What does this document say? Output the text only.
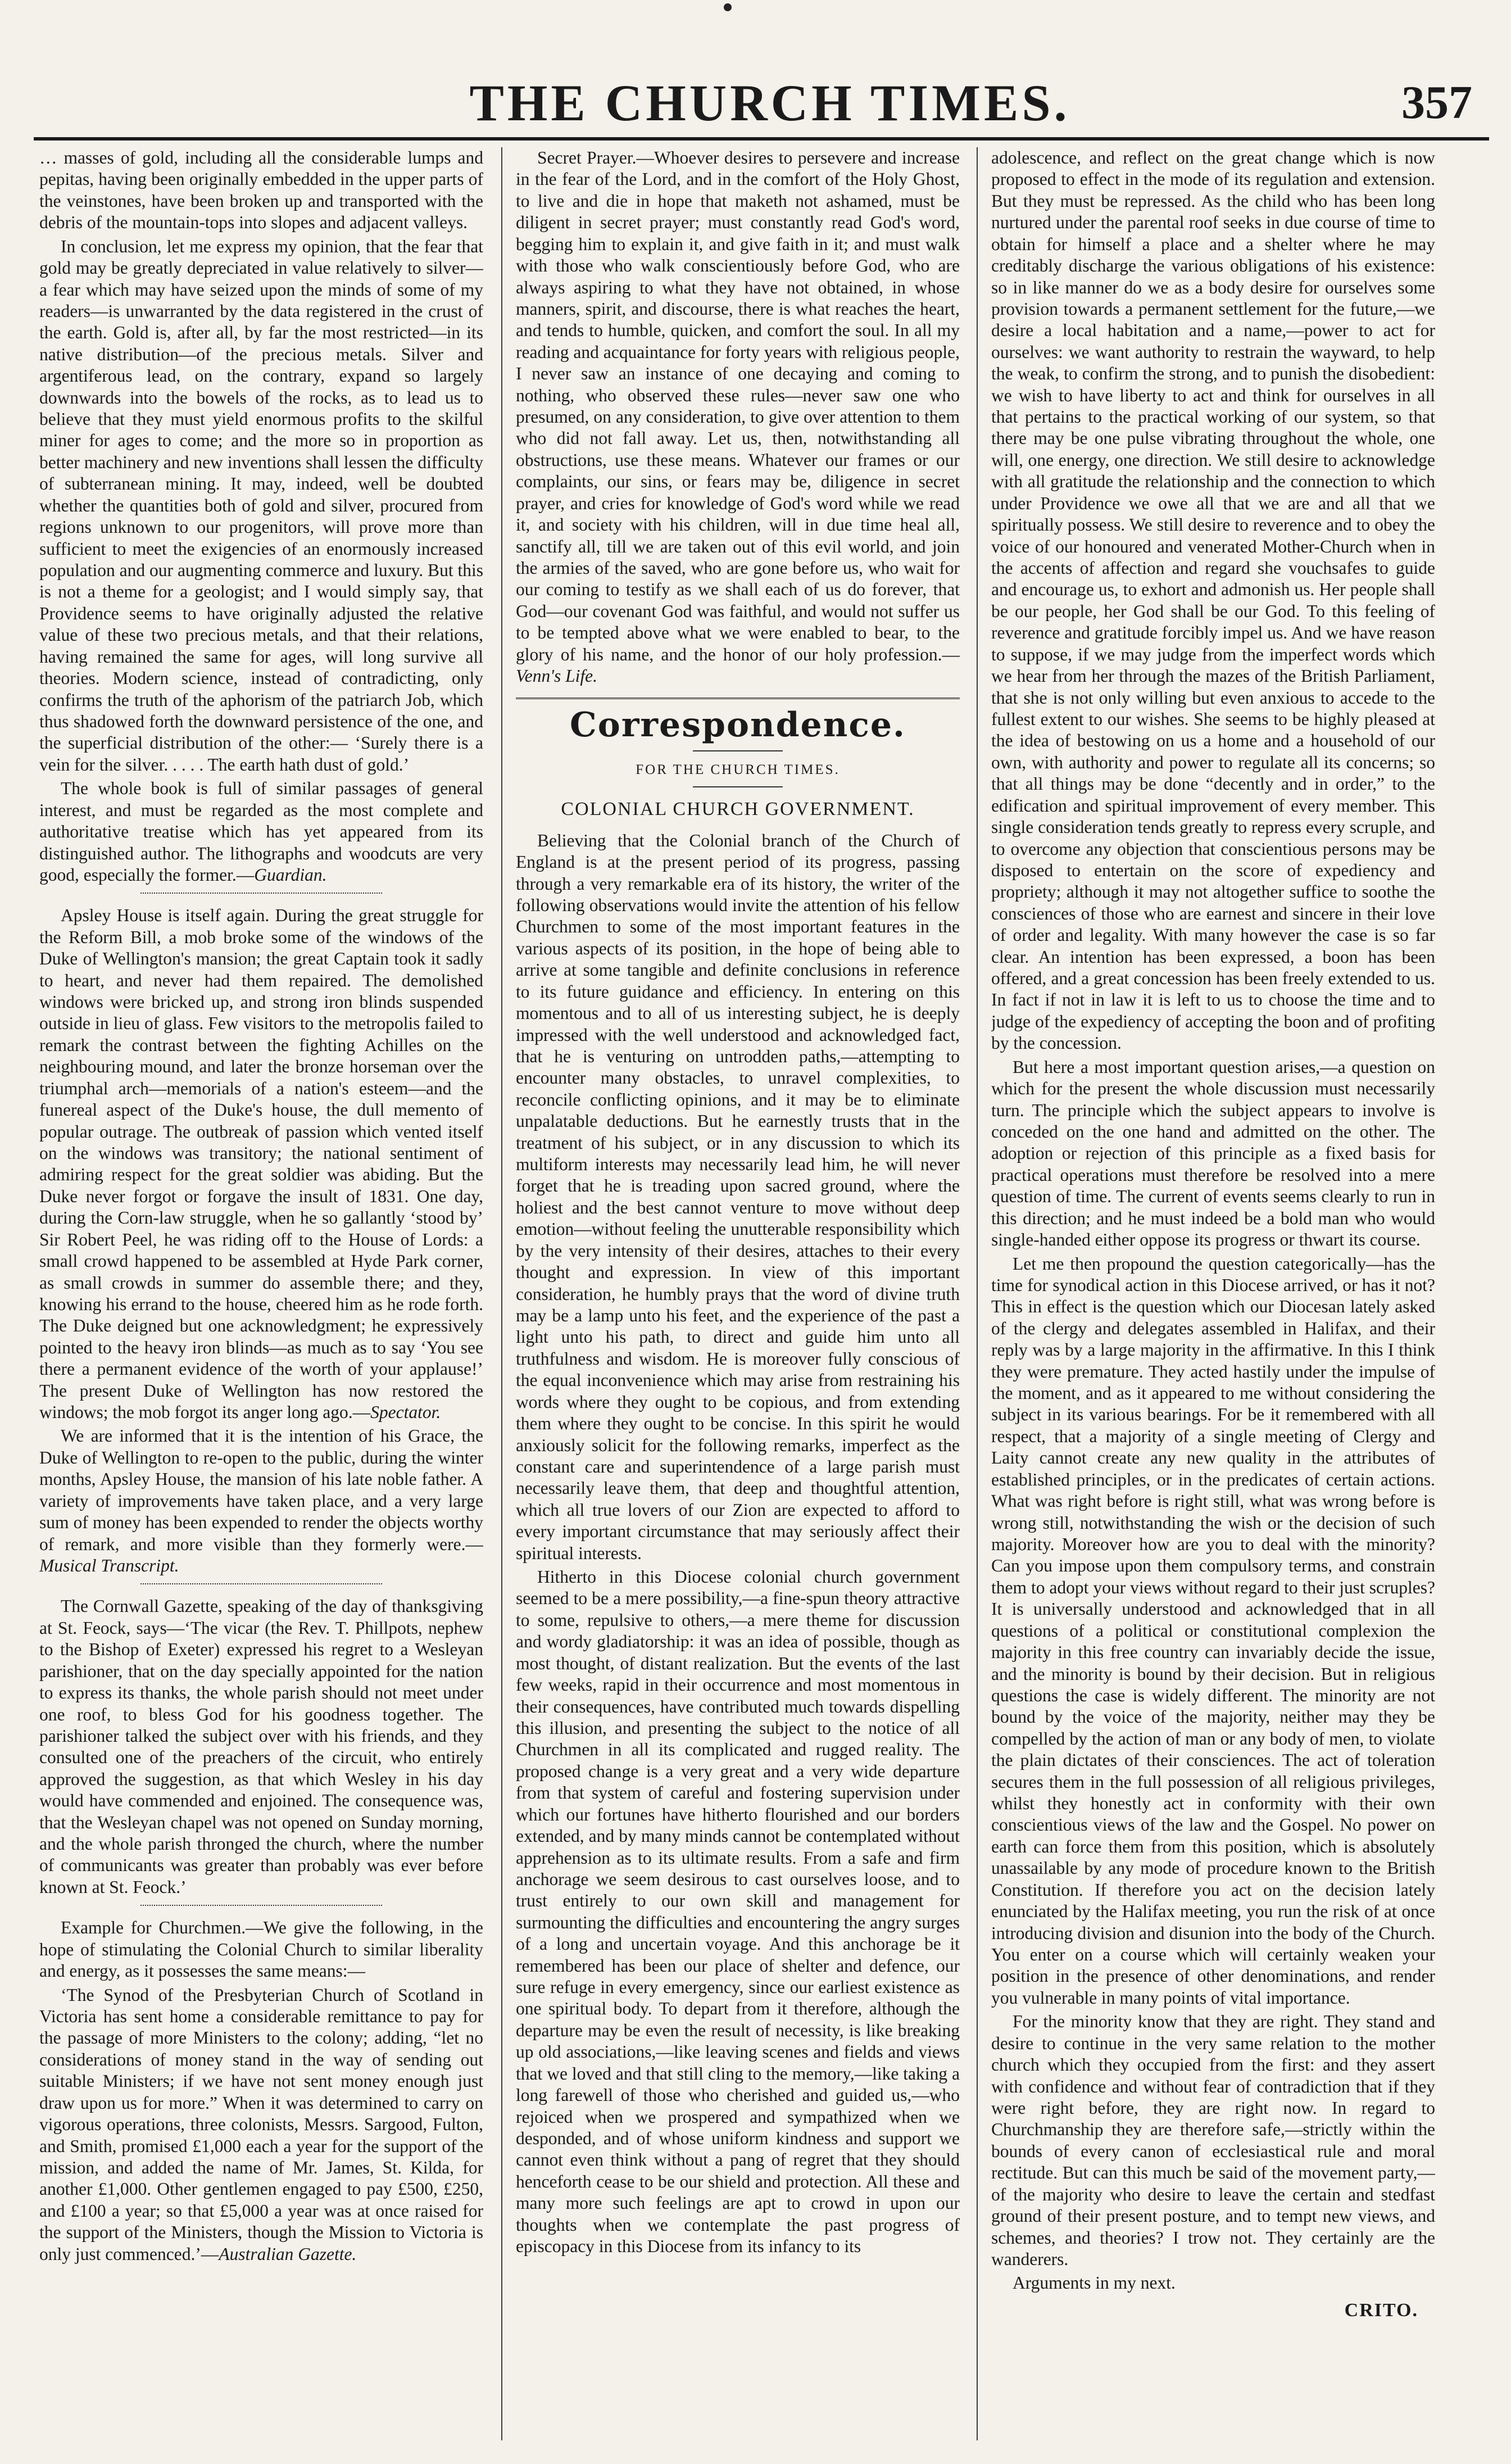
THE CHURCH TIMES.	357

… masses of gold, including all the considerable lumps and pepitas, having been originally embedded in the upper parts of the veinstones, have been broken up and transported with the debris of the mountain-tops into slopes and adjacent valleys.

In conclusion, let me express my opinion, that the fear that gold may be greatly depreciated in value relatively to silver—a fear which may have seized upon the minds of some of my readers—is unwarranted by the data registered in the crust of the earth. Gold is, after all, by far the most restricted—in its native distribution—of the precious metals. Silver and argentiferous lead, on the contrary, expand so largely downwards into the bowels of the rocks, as to lead us to believe that they must yield enormous profits to the skilful miner for ages to come; and the more so in proportion as better machinery and new inventions shall lessen the difficulty of subterranean mining. It may, indeed, well be doubted whether the quantities both of gold and silver, procured from regions unknown to our progenitors, will prove more than sufficient to meet the exigencies of an enormously increased population and our augmenting commerce and luxury. But this is not a theme for a geologist; and I would simply say, that Providence seems to have originally adjusted the relative value of these two precious metals, and that their relations, having remained the same for ages, will long survive all theories. Modern science, instead of contradicting, only confirms the truth of the aphorism of the patriarch Job, which thus shadowed forth the downward persistence of the one, and the superficial distribution of the other:— ‘Surely there is a vein for the silver. . . . . The earth hath dust of gold.’

The whole book is full of similar passages of general interest, and must be regarded as the most complete and authoritative treatise which has yet appeared from its distinguished author. The lithographs and woodcuts are very good, especially the former.—Guardian.

Apsley House is itself again. During the great struggle for the Reform Bill, a mob broke some of the windows of the Duke of Wellington's mansion; the great Captain took it sadly to heart, and never had them repaired. The demolished windows were bricked up, and strong iron blinds suspended outside in lieu of glass. Few visitors to the metropolis failed to remark the contrast between the fighting Achilles on the neighbouring mound, and later the bronze horseman over the triumphal arch—memorials of a nation's esteem—and the funereal aspect of the Duke's house, the dull memento of popular outrage. The outbreak of passion which vented itself on the windows was transitory; the national sentiment of admiring respect for the great soldier was abiding. But the Duke never forgot or forgave the insult of 1831. One day, during the Corn-law struggle, when he so gallantly ‘stood by’ Sir Robert Peel, he was riding off to the House of Lords: a small crowd happened to be assembled at Hyde Park corner, as small crowds in summer do assemble there; and they, knowing his errand to the house, cheered him as he rode forth. The Duke deigned but one acknowledgment; he expressively pointed to the heavy iron blinds—as much as to say ‘You see there a permanent evidence of the worth of your applause!’ The present Duke of Wellington has now restored the windows; the mob forgot its anger long ago.—Spectator.

We are informed that it is the intention of his Grace, the Duke of Wellington to re-open to the public, during the winter months, Apsley House, the mansion of his late noble father. A variety of improvements have taken place, and a very large sum of money has been expended to render the objects worthy of remark, and more visible than they formerly were.—Musical Transcript.

The Cornwall Gazette, speaking of the day of thanksgiving at St. Feock, says—‘The vicar (the Rev. T. Phillpots, nephew to the Bishop of Exeter) expressed his regret to a Wesleyan parishioner, that on the day specially appointed for the nation to express its thanks, the whole parish should not meet under one roof, to bless God for his goodness together. The parishioner talked the subject over with his friends, and they consulted one of the preachers of the circuit, who entirely approved the suggestion, as that which Wesley in his day would have commended and enjoined. The consequence was, that the Wesleyan chapel was not opened on Sunday morning, and the whole parish thronged the church, where the number of communicants was greater than probably was ever before known at St. Feock.’

Example for Churchmen.—We give the following, in the hope of stimulating the Colonial Church to similar liberality and energy, as it possesses the same means:—

‘The Synod of the Presbyterian Church of Scotland in Victoria has sent home a considerable remittance to pay for the passage of more Ministers to the colony; adding, “let no considerations of money stand in the way of sending out suitable Ministers; if we have not sent money enough just draw upon us for more.” When it was determined to carry on vigorous operations, three colonists, Messrs. Sargood, Fulton, and Smith, promised £1,000 each a year for the support of the mission, and added the name of Mr. James, St. Kilda, for another £1,000. Other gentlemen engaged to pay £500, £250, and £100 a year; so that £5,000 a year was at once raised for the support of the Ministers, though the Mission to Victoria is only just commenced.’—Australian Gazette.

Secret Prayer.—Whoever desires to persevere and increase in the fear of the Lord, and in the comfort of the Holy Ghost, to live and die in hope that maketh not ashamed, must be diligent in secret prayer; must constantly read God's word, begging him to explain it, and give faith in it; and must walk with those who walk conscientiously before God, who are always aspiring to what they have not obtained, in whose manners, spirit, and discourse, there is what reaches the heart, and tends to humble, quicken, and comfort the soul. In all my reading and acquaintance for forty years with religious people, I never saw an instance of one decaying and coming to nothing, who observed these rules—never saw one who presumed, on any consideration, to give over attention to them who did not fall away. Let us, then, notwithstanding all obstructions, use these means. Whatever our frames or our complaints, our sins, or fears may be, diligence in secret prayer, and cries for knowledge of God's word while we read it, and society with his children, will in due time heal all, sanctify all, till we are taken out of this evil world, and join the armies of the saved, who are gone before us, who wait for our coming to testify as we shall each of us do forever, that God—our covenant God was faithful, and would not suffer us to be tempted above what we were enabled to bear, to the glory of his name, and the honor of our holy profession.—Venn's Life.

Correspondence.
FOR THE CHURCH TIMES.
COLONIAL CHURCH GOVERNMENT.

Believing that the Colonial branch of the Church of England is at the present period of its progress, passing through a very remarkable era of its history, the writer of the following observations would invite the attention of his fellow Churchmen to some of the most important features in the various aspects of its position, in the hope of being able to arrive at some tangible and definite conclusions in reference to its future guidance and efficiency. In entering on this momentous and to all of us interesting subject, he is deeply impressed with the well understood and acknowledged fact, that he is venturing on untrodden paths,—attempting to encounter many obstacles, to unravel complexities, to reconcile conflicting opinions, and it may be to eliminate unpalatable deductions. But he earnestly trusts that in the treatment of his subject, or in any discussion to which its multiform interests may necessarily lead him, he will never forget that he is treading upon sacred ground, where the holiest and the best cannot venture to move without deep emotion—without feeling the unutterable responsibility which by the very intensity of their desires, attaches to their every thought and expression. In view of this important consideration, he humbly prays that the word of divine truth may be a lamp unto his feet, and the experience of the past a light unto his path, to direct and guide him unto all truthfulness and wisdom. He is moreover fully conscious of the equal inconvenience which may arise from restraining his words where they ought to be copious, and from extending them where they ought to be concise. In this spirit he would anxiously solicit for the following remarks, imperfect as the constant care and superintendence of a large parish must necessarily leave them, that deep and thoughtful attention, which all true lovers of our Zion are expected to afford to every important circumstance that may seriously affect their spiritual interests.

Hitherto in this Diocese colonial church government seemed to be a mere possibility,—a fine-spun theory attractive to some, repulsive to others,—a mere theme for discussion and wordy gladiatorship: it was an idea of possible, though as most thought, of distant realization. But the events of the last few weeks, rapid in their occurrence and most momentous in their consequences, have contributed much towards dispelling this illusion, and presenting the subject to the notice of all Churchmen in all its complicated and rugged reality. The proposed change is a very great and a very wide departure from that system of careful and fostering supervision under which our fortunes have hitherto flourished and our borders extended, and by many minds cannot be contemplated without apprehension as to its ultimate results. From a safe and firm anchorage we seem desirous to cast ourselves loose, and to trust entirely to our own skill and management for surmounting the difficulties and encountering the angry surges of a long and uncertain voyage. And this anchorage be it remembered has been our place of shelter and defence, our sure refuge in every emergency, since our earliest existence as one spiritual body. To depart from it therefore, although the departure may be even the result of necessity, is like breaking up old associations,—like leaving scenes and fields and views that we loved and that still cling to the memory,—like taking a long farewell of those who cherished and guided us,—who rejoiced when we prospered and sympathized when we desponded, and of whose uniform kindness and support we cannot even think without a pang of regret that they should henceforth cease to be our shield and protection. All these and many more such feelings are apt to crowd in upon our thoughts when we contemplate the past progress of episcopacy in this Diocese from its infancy to its

adolescence, and reflect on the great change which is now proposed to effect in the mode of its regulation and extension. But they must be repressed. As the child who has been long nurtured under the parental roof seeks in due course of time to obtain for himself a place and a shelter where he may creditably discharge the various obligations of his existence: so in like manner do we as a body desire for ourselves some provision towards a permanent settlement for the future,—we desire a local habitation and a name,—power to act for ourselves: we want authority to restrain the wayward, to help the weak, to confirm the strong, and to punish the disobedient: we wish to have liberty to act and think for ourselves in all that pertains to the practical working of our system, so that there may be one pulse vibrating throughout the whole, one will, one energy, one direction. We still desire to acknowledge with all gratitude the relationship and the connection to which under Providence we owe all that we are and all that we spiritually possess. We still desire to reverence and to obey the voice of our honoured and venerated Mother-Church when in the accents of affection and regard she vouchsafes to guide and encourage us, to exhort and admonish us. Her people shall be our people, her God shall be our God. To this feeling of reverence and gratitude forcibly impel us. And we have reason to suppose, if we may judge from the imperfect words which we hear from her through the mazes of the British Parliament, that she is not only willing but even anxious to accede to the fullest extent to our wishes. She seems to be highly pleased at the idea of bestowing on us a home and a household of our own, with authority and power to regulate all its concerns; so that all things may be done “decently and in order,” to the edification and spiritual improvement of every member. This single consideration tends greatly to repress every scruple, and to overcome any objection that conscientious persons may be disposed to entertain on the score of expediency and propriety; although it may not altogether suffice to soothe the consciences of those who are earnest and sincere in their love of order and legality. With many however the case is so far clear. An intention has been expressed, a boon has been offered, and a great concession has been freely extended to us. In fact if not in law it is left to us to choose the time and to judge of the expediency of accepting the boon and of profiting by the concession.

But here a most important question arises,—a question on which for the present the whole discussion must necessarily turn. The principle which the subject appears to involve is conceded on the one hand and admitted on the other. The adoption or rejection of this principle as a fixed basis for practical operations must therefore be resolved into a mere question of time. The current of events seems clearly to run in this direction; and he must indeed be a bold man who would single-handed either oppose its progress or thwart its course.

Let me then propound the question categorically—has the time for synodical action in this Diocese arrived, or has it not? This in effect is the question which our Diocesan lately asked of the clergy and delegates assembled in Halifax, and their reply was by a large majority in the affirmative. In this I think they were premature. They acted hastily under the impulse of the moment, and as it appeared to me without considering the subject in its various bearings. For be it remembered with all respect, that a majority of a single meeting of Clergy and Laity cannot create any new quality in the attributes of established principles, or in the predicates of certain actions. What was right before is right still, what was wrong before is wrong still, notwithstanding the wish or the decision of such majority. Moreover how are you to deal with the minority? Can you impose upon them compulsory terms, and constrain them to adopt your views without regard to their just scruples? It is universally understood and acknowledged that in all questions of a political or constitutional complexion the majority in this free country can invariably decide the issue, and the minority is bound by their decision. But in religious questions the case is widely different. The minority are not bound by the voice of the majority, neither may they be compelled by the action of man or any body of men, to violate the plain dictates of their consciences. The act of toleration secures them in the full possession of all religious privileges, whilst they honestly act in conformity with their own conscientious views of the law and the Gospel. No power on earth can force them from this position, which is absolutely unassailable by any mode of procedure known to the British Constitution. If therefore you act on the decision lately enunciated by the Halifax meeting, you run the risk of at once introducing division and disunion into the body of the Church. You enter on a course which will certainly weaken your position in the presence of other denominations, and render you vulnerable in many points of vital importance.

For the minority know that they are right. They stand and desire to continue in the very same relation to the mother church which they occupied from the first: and they assert with confidence and without fear of contradiction that if they were right before, they are right now. In regard to Churchmanship they are therefore safe,—strictly within the bounds of every canon of ecclesiastical rule and moral rectitude. But can this much be said of the movement party,—of the majority who desire to leave the certain and stedfast ground of their present posture, and to tempt new views, and schemes, and theories? I trow not. They certainly are the wanderers.

Arguments in my next.

CRITO.
